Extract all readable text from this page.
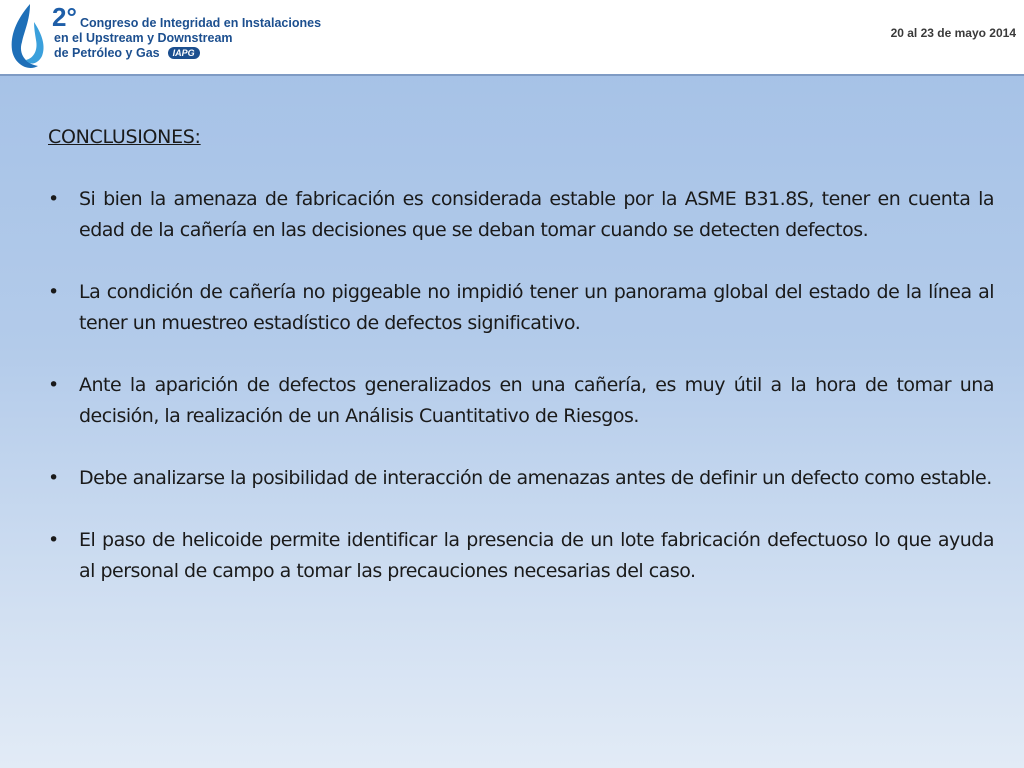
2° Congreso de Integridad en Instalaciones
en el Upstream y Downstream
de Petróleo y Gas IAPG
20 al 23 de mayo 2014
CONCLUSIONES:
•	Si bien la amenaza de fabricación es considerada estable por la ASME B31.8S, tener en cuenta la edad de la cañería en las decisiones que se deban tomar cuando se detecten defectos.
•	La condición de cañería no piggeable no impidió tener un panorama global del estado de la línea al tener un muestreo estadístico de defectos significativo.
•	Ante la aparición de defectos generalizados en una cañería, es muy útil a la hora de tomar una decisión, la realización de un Análisis Cuantitativo de Riesgos.
•	Debe analizarse la posibilidad de interacción de amenazas antes de definir un defecto como estable.
•	El paso de helicoide permite identificar la presencia de un lote fabricación defectuoso lo que ayuda al personal de campo a tomar las precauciones necesarias del caso.
